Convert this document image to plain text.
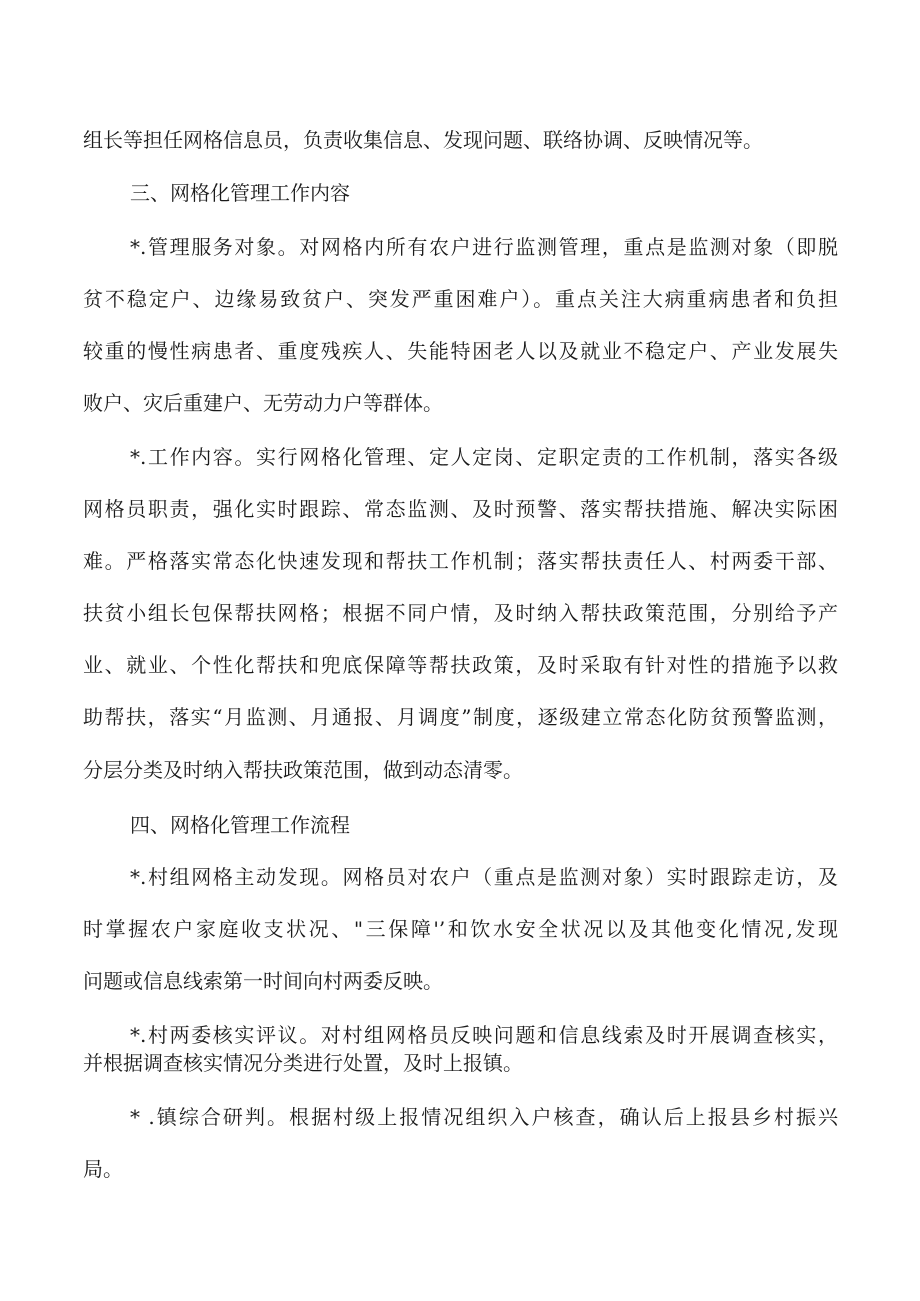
组长等担任网格信息员，负责收集信息、发现问题、联络协调、反映情况等。
三、网格化管理工作内容
*.管理服务对象。对网格内所有农户进行监测管理，重点是监测对象（即脱
贫不稳定户、边缘易致贫户、突发严重困难户）。重点关注大病重病患者和负担
较重的慢性病患者、重度残疾人、失能特困老人以及就业不稳定户、产业发展失
败户、灾后重建户、无劳动力户等群体。
*.工作内容。实行网格化管理、定人定岗、定职定责的工作机制，落实各级
网格员职责，强化实时跟踪、常态监测、及时预警、落实帮扶措施、解决实际困
难。严格落实常态化快速发现和帮扶工作机制；落实帮扶责任人、村两委干部、
扶贫小组长包保帮扶网格；根据不同户情，及时纳入帮扶政策范围，分别给予产
业、就业、个性化帮扶和兜底保障等帮扶政策，及时采取有针对性的措施予以救
助帮扶，落实“月监测、月通报、月调度”制度，逐级建立常态化防贫预警监测，
分层分类及时纳入帮扶政策范围，做到动态清零。
四、网格化管理工作流程
*.村组网格主动发现。网格员对农户（重点是监测对象）实时跟踪走访，及
时掌握农户家庭收支状况、"三保障'’和饮水安全状况以及其他变化情况,发现
问题或信息线索第一时间向村两委反映。
*.村两委核实评议。对村组网格员反映问题和信息线索及时开展调查核实，
并根据调查核实情况分类进行处置，及时上报镇。
* .镇综合研判。根据村级上报情况组织入户核查，确认后上报县乡村振兴
局。
